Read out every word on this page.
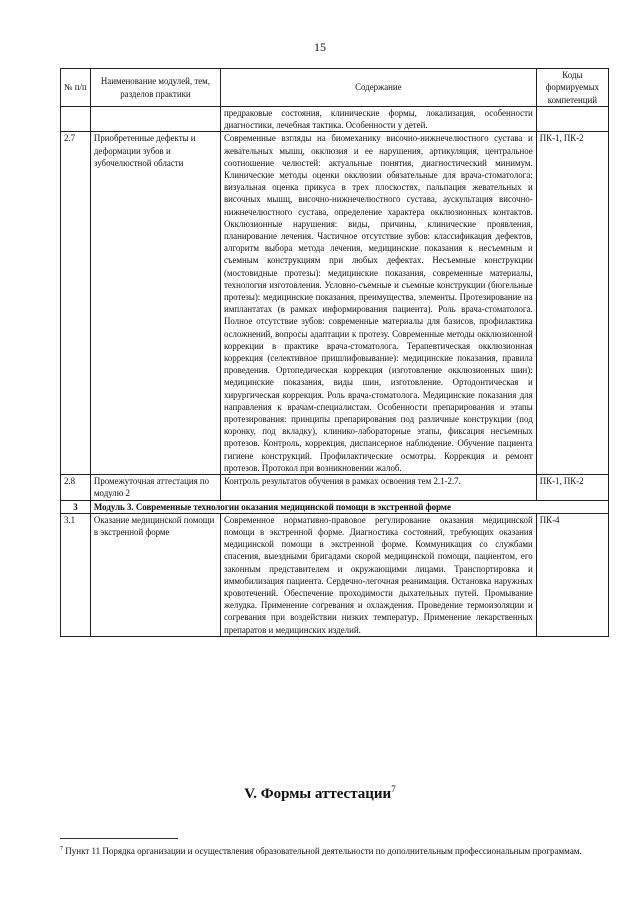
15
№ п/п	Наименование модулей, тем, разделов практики	Содержание	Коды формируемых компетенций
		предраковые состояния, клинические формы, локализация, особенности диагностики, лечебная тактика. Особенности у детей.	
2.7	Приобретенные дефекты и деформации зубов и зубочелюстной области	Современные взгляды на биомеханику височно-нижнечелюстного сустава и жевательных мышц, окклюзия и ее нарушения, артикуляция, центральное соотношение челюстей: актуальные понятия, диагностический минимум. Клинические методы оценки окклюзии обязательные для врача-стоматолога: визуальная оценка прикуса в трех плоскостях, пальпация жевательных и височных мышц, височно-нижнечелюстного сустава, аускультация височно-нижнечелюстного сустава, определение характера окклюзионных контактов. Окклюзионные нарушения: виды, причины, клинические проявления, планирование лечения. Частичное отсутствие зубов: классификация дефектов, алгоритм выбора метода лечения, медицинские показания к несъемным и съемным конструкциям при любых дефектах. Несъемные конструкции (мостовидные протезы): медицинские показания, современные материалы, технология изготовления. Условно-съемные и съемные конструкции (бюгельные протезы): медицинские показания, преимущества, элементы. Протезирование на имплантатах (в рамках информирования пациента). Роль врача-стоматолога. Полное отсутствие зубов: современные материалы для базисов, профилактика осложнений, вопросы адаптации к протезу. Современные методы окклюзионной коррекции в практике врача-стоматолога. Терапевтическая окклюзионная коррекция (селективное пришлифовывание): медицинские показания, правила проведения. Ортопедическая коррекция (изготовление окклюзионных шин): медицинские показания, виды шин, изготовление. Ортодонтическая и хирургическая коррекция. Роль врача-стоматолога. Медицинские показания для направления к врачам-специалистам. Особенности препарирования и этапы протезирования: принципы препарирования под различные конструкции (под коронку, под вкладку), клинико-лабораторные этапы, фиксация несъемных протезов. Контроль, коррекция, диспансерное наблюдение. Обучение пациента гигиене конструкций. Профилактические осмотры. Коррекция и ремонт протезов. Протокол при возникновении жалоб.	ПК-1, ПК-2
2.8	Промежуточная аттестация по модулю 2	Контроль результатов обучения в рамках освоения тем 2.1-2.7.	ПК-1, ПК-2
3	Модуль 3. Современные технологии оказания медицинской помощи в экстренной форме		
3.1	Оказание медицинской помощи в экстренной форме	Современное нормативно-правовое регулирование оказания медицинской помощи в экстренной форме. Диагностика состояний, требующих оказания медицинской помощи в экстренной форме. Коммуникация со службами спасения, выездными бригадами скорой медицинской помощи, пациентом, его законным представителем и окружающими лицами. Транспортировка и иммобилизация пациента. Сердечно-легочная реанимация. Остановка наружных кровотечений. Обеспечение проходимости дыхательных путей. Промывание желудка. Применение согревания и охлаждения. Проведение термоизоляции и согревания при воздействии низких температур. Применение лекарственных препаратов и медицинских изделий.	ПК-4
V. Формы аттестации$^7$
$^7$ Пункт 11 Порядка организации и осуществления образовательной деятельности по дополнительным профессиональным программам.
